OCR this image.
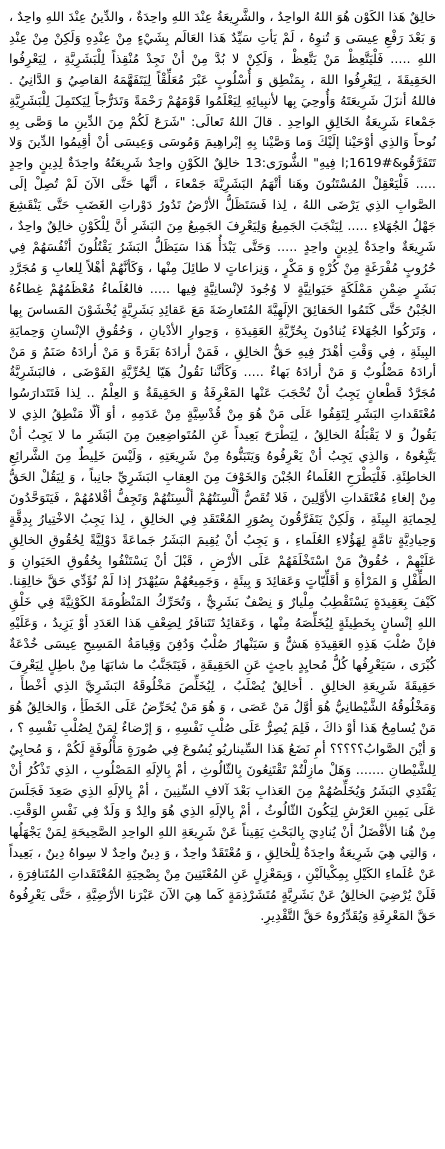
خالِقٌ هَذا الكَوْن هُوَ اللهُ الواحِدُ ، والشَّرِيعَةُ عِنْدَ اللهِ واحِدَةٌ ، والدِّينُ عِنْدَ اللهِ واحِدٌ ، وَ بَعْدَ رَفْعِ عِيسَى وَ تُنوِهُ ، لَمْ يَأتِ سَيِّدٌ هَذا العَالَم بِشَيْءٍ مِنْ عِنْدِهِ وَلَكِنْ مِنْ عِنْدِ اللهِ ..... فَلْيَتَّعِظْ مَنْ يَتَّعِظْ ، وَلَكِنْ لا بُدَّ مِنْ أنْ نَجِدْ مُنْقِذاً لِلْبَشَرِيَّةِ ، لِيَعْرِفُوا الحَقِيقَةَ ، لِيَعْرِفُوا اللهَ ، بِمَنْطِق وَ أُسْلُوبٍ عَبْرَ مُعَلِّقْاً لِيَتَفَهَّمَهُ القاصِيُ وَ الدَّانِيُ . فاللهُ أنزَلَ شَرِيعَتَهُ وَأُوحِيَ بِها لأنبِيائِهِ لِيَعْلَمُوا قَوْمَهُمْ رَحْمَةً وَتَدَرُّجاً لِيَكتَمِلَ لِلْبَشَرِيَّةِ جَمْعاءَ شَرِيعَةُ الخَالِقِ الواحِدِ . قالَ اللهُ تَعالَى: "شَرَعَ لَكُمْ مِنَ الدِّينِ ما وَصَّى بِهِ نُوحاً وَالذِي أوْحَيْنا إلَيْكَ وَما وَصَّيْنا بِهِ إبْراهِيمَ وَمُوسَى وَعِيسَى أنْ أقِيمُوا الدِّينَ وَلا تَتَفَرَّقُو&#1619;ا فِيهِ" الشُّورَى:13 خالِقٌ الكَوْنِ واحِدٌ شَرِيعَتُهُ واحِدَةٌ لِدِينٍ واحِدٍ ..... فَلْيَعْقِلْ المُسْتَنُونَ وهَنا أتْهَمُ البَشَرِيَّةَ جَمْعاءَ ، أنَّها حَتَّى الآنَ لَمْ تُصِلْ إلَى الصَّوابِ الذِي يَرْضَى اللهُ ، لِذا فَسَتَظَلُّ الأرْضُ تَدُورُ دَوْراتِ الغَضَبِ حَتَّى يَنْقَشِعَ جَهْلُ الجُهَلاءِ ..... لِيَنْجَبَ الجَمِيعُ وَلِيَعْرِفَ الجَمِيعُ مِنَ البَشَرِ أنَّ لِلْكَوْنِ خالِقٌ واحِدٌ ، شَرِيعَةٌ واحِدَةٌ لِدِينٍ واحِدٍ ..... وَحَتَّى يَبْدَأُ هَذا سَيَظَلُّ البَشَرُ يَقْتُلُونَ أنْفُسَهُمْ فِي حُرُوبٍ مُفْرَغَةٍ مِنْ كُرْهٍ وَ مَكْرٍ ، وَنِزاعاتٍ لا طائِلَ مِنْها ، وَكَأنَّهُمْ أهْلاً لِلعابِ وَ مُجَرَّدِ بَشَرٍ ضِمْنِ مَمْلَكَةٍ حَيَوانِيَّةٍ لا وُجُودَ لإنْسانِيَّةٍ فِيها ..... فالعُلَماءُ مُعْظَمُهُمْ غِطاءُهُ الجُبْنُ حَتَّى كَتَمُوا الحَقائِقَ الإلَهِيَّةَ المُتَعارِضَةَ مَعَ عَقائِدِ بَشَرِيَّةٍ يُخْشَوْنَ المَساسَ بِها ، وَتَرَكُوا الجُهَلاءَ يُنادُونَ بِحُرِّيَّةِ العَقِيدَةِ ، وَحِوارِ الأدْيانِ ، وَحُقُوقِ الإنْسانِ وَحِمايَةِ البِيئَةِ ، فِي وَقْتِ أهْدَرُ فِيهِ حَقُّ الخالِقِ ، فَمَنْ أرادَهُ بَقَرَةً وَ مَنْ أرادَهُ صَنَمٌ وَ مَنْ أرادَهُ مَصْلُوبٌ وَ مَنْ أرادَهُ بَهاءٌ ..... وَكَأنَّنا نَقُولُ هَيّا لِحُرِّيَّةِ الفَوْضَى ، فالبَشَرِيَّةُ مُجَرَّدٌ قَطْعانٍ يَجِبُ أنْ تُحْجَبَ عَنْها المَعْرِفَةُ وَ الحَقِيقَةُ وَ العِلْمُ .. لِذا فَتَتَدارَسُوا مُعْتَقَداتِ البَشَرِ لِتَقِفُوا عَلَى مَنْ هُوَ مِنْ قُدْسِيَّةٍ مِنْ عَدَمِهِ ، أوَ ألّا مَنْطِقُ الذِي لا يَقُولُ وَ لا يَقْبَلُهُ الخالِقُ ، لِيَطْرَحَ بَعِيداً عَنِ المُتَواضِعِينَ مِنَ البَشَرِ ما لا يَجِبُ أنْ يَتَّبِعُوهُ ، وَالذِي يَجِبُ أنْ يَعْرِفُوهُ وَيَتَبَنُّوهُ مِنْ شَرِيعَتِهِ ، وَلَيْسَ خَلِيطٌ مِنَ الشَّرائِعِ الخاطِئَةِ. فَلْيَطْرَحِ العُلَماءُ الجُبْنَ وَالخَوْفَ مِنَ العِقابِ البَشَرِيِّ جانِباً ، وَ لِيَقُلْ الحَقُّ مِنْ إلغاءِ مُعْتَقَداتِ الأوَّلِينَ ، فَلا تُقَصُّ ألْسِنَتُهُمْ ألْسِنَتُهُمْ وَتَجِفُّ أقْلامُهُمْ ، فَيَتَوَحَّدُونَ لِحِمايَةِ البِيئَةِ ، وَلَكِنْ يَتَفَرَّقُونَ بِصُوَرِ المُعْتَقَدِ فِي الخالِقِ ، لِذا يَجِبُ الاخْتِيارُ بِدِقَّةٍ وَحِيادِيَّةٍ تامَّةٍ لِهَؤُلاءِ العُلَماءِ ، وَ يَجِبُ أنْ يُقِيمَ البَشَرُ جَماعَةً دَوْلِيَّةً لِحُقُوقِ الخالِقِ عَلَيْهِمْ ، حُقُوقٌ مَنْ اسْتَخْلَفَهُمْ عَلَى الأرْضِ ، قَبْلَ أنْ يَسْتَنْفُوا بِحُقُوقِ الحَيَوانِ وَ الطِّفْلِ وَ المَرْأةِ وَ أقَلِّيّاتٍ وَعَقائِدَ وَ بِيئَةٍ ، وَجَمِيعُهُمْ سَيُهْدَرُ إذا لَمْ نُؤَدِّي حَقَّ خالِقِنا. كَيْفَ بِعَقِيدَةٍ يَسْتَقْطِبُ مِلْيارٌ وَ نِصْفٌ بَشَرِيٌّ ، وَتُحَرِّكُ المَنْظُومَةَ الكَوْنِيَّةَ فِي خَلْقِ اللهِ إنْسانٍ بِخَطِيئَةٍ لِيُخَلِّصَهُ مِنْها ، وَعَقائِدُ تَتَنافَرُ لِضِعْفِ هَذا العَدَدِ أوْ يَزِيدُ ، وَعَلَيْهِ فإنْ صُلْبَ هَذِهِ العَقِيدَةِ هَشٌّ وَ سَيَنْهارُ صُلْبٌ وَدُفِنَ وَقِيامَةُ المَسِيحِ عِيسَى خُدْعَةٌ كُبْرَى ، سَيَعْرِفُها كُلُّ مُحايِدٍ باحِثٍ عَنِ الحَقِيقَةِ ، فَيَتَجَنَّبُ ما شابَهَا مِنْ باطِلٍ لِيَعْرِفَ حَقِيقَةَ شَرِيعَةِ الخالِقِ . أخالِقٌ يُصْلَبُ ، لِيُخَلِّصَ مَخْلُوقَهُ البَشَرِيَّ الذِي أخْطأَ ، وَمَخْلُوقُهُ الشَّيْطانِيُّ هُوَ أوَّلُ مَنْ عَصَى ، وَ هُوَ مَنْ يُحَرِّضُ عَلَى الخَطَأِ ، وَالخالِقُ هُوَ مَنْ يُسامِحُ هَذا أوْ ذاكَ ، فَلِمَ يُصِرُّ عَلَى صُلْبِ نَفْسِهِ ، وَ إرْضاءٌ لِمَنْ لِصُلْبِ نَفْسِهِ ؟ ، وَ أيْنَ الصَّوابُ؟؟؟؟؟ أمِ نَضَعُ هَذا السِّيناريُو يُسُوعَ فِي صُورَةٍ مَأْلُوفَةٍ لَكُمْ ، وَ مُحابِيٌ لِلشَّيْطانِ ....... وَهَلْ مازِلْتُمْ تَقْتَنِعُونَ بِالثّالُوثِ ، أمْ بِالإلَهِ المَصْلُوبِ ، الذِي تَذْكُرُ أنْ يَفْتَدِي البَشَرُ وَيُخَلِّصُهُمْ مِنَ العَذابِ بَعْدَ آلافِ السِّنِينَ ، أمْ بِالإلَهِ الذِي صَعِدَ فَجَلَسَ عَلَى يَمِينِ العَرْشِ لِيَكُونَ الثّالُوثُ ، أمْ بِالإلَهِ الذِي هُوَ والِدٌ وَ وَلَدٌ فِي نَفْسِ الوَقْتِ. مِنْ هُنا الأفْضَلُ أنْ يُنادِيَ بِالبَحْثِ يَقِيناً عَنْ شَرِيعَةِ اللهِ الواحِدِ الصَّحِيحَةِ لِمَنْ يَجْهَلُها ، وَالتِي هِيَ شَرِيعَةٌ واحِدَةٌ لِلْخالِقِ ، وَ مُعْتَقَدٌ واحِدٌ ، وَ دِينٌ واحِدٌ لا سِواهُ دِينٌ ، بَعِيداً عَنْ عُلَماءِ الكَيْلِ بِمِكْيالَيْنِ ، وَبِمَعْزِلٍ عَنِ المُعْتَنِينَ مِنْ بِصْحِيَةِ المُعْتَقَداتِ المُتَنافِرَةِ ، فَلَنْ يُرْضِيَ الخالِقُ عَنْ بَشَرِيَّةٍ مُتَشَرْذِمَةٍ كَما هِيَ الآنَ عَبْرَنا الأرْضِيَّةِ ، حَتَّى يَعْرِفُوهُ حَقَّ المَعْرِفَةِ وَيُقَدِّرُوهُ حَقَّ التَّقْدِيرِ.
